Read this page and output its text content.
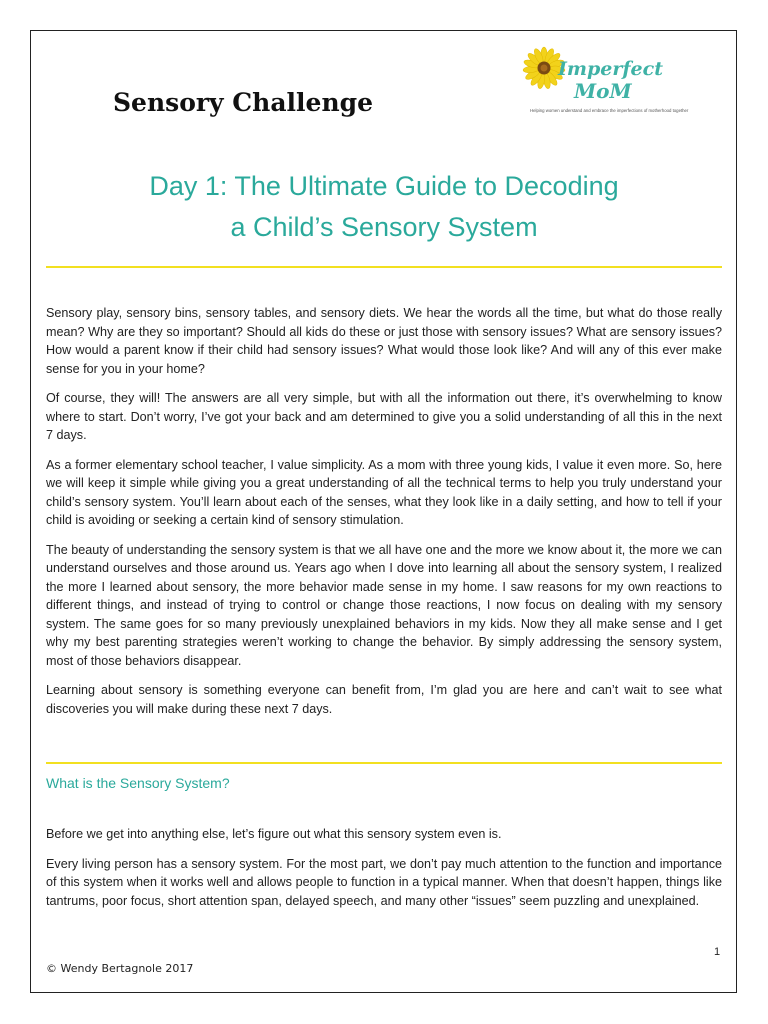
Sensory Challenge
Imperfect
MoM
Helping women understand and embrace the imperfections of motherhood together
Day 1: The Ultimate Guide to Decoding
a Child’s Sensory System

Sensory play, sensory bins, sensory tables, and sensory diets. We hear the words all the time, but what do those really mean? Why are they so important? Should all kids do these or just those with sensory issues? What are sensory issues? How would a parent know if their child had sensory issues? What would those look like? And will any of this ever make sense for you in your home?

Of course, they will! The answers are all very simple, but with all the information out there, it’s overwhelming to know where to start. Don’t worry, I’ve got your back and am determined to give you a solid understanding of all this in the next 7 days.

As a former elementary school teacher, I value simplicity. As a mom with three young kids, I value it even more. So, here we will keep it simple while giving you a great understanding of all the technical terms to help you truly understand your child’s sensory system. You’ll learn about each of the senses, what they look like in a daily setting, and how to tell if your child is avoiding or seeking a certain kind of sensory stimulation.

The beauty of understanding the sensory system is that we all have one and the more we know about it, the more we can understand ourselves and those around us. Years ago when I dove into learning all about the sensory system, I realized the more I learned about sensory, the more behavior made sense in my home. I saw reasons for my own reactions to different things, and instead of trying to control or change those reactions, I now focus on dealing with my sensory system. The same goes for so many previously unexplained behaviors in my kids. Now they all make sense and I get why my best parenting strategies weren’t working to change the behavior. By simply addressing the sensory system, most of those behaviors disappear.

Learning about sensory is something everyone can benefit from, I’m glad you are here and can’t wait to see what discoveries you will make during these next 7 days.

What is the Sensory System?

Before we get into anything else, let’s figure out what this sensory system even is.

Every living person has a sensory system. For the most part, we don’t pay much attention to the function and importance of this system when it works well and allows people to function in a typical manner. When that doesn’t happen, things like tantrums, poor focus, short attention span, delayed speech, and many other “issues” seem puzzling and unexplained.

1
© Wendy Bertagnole 2017
